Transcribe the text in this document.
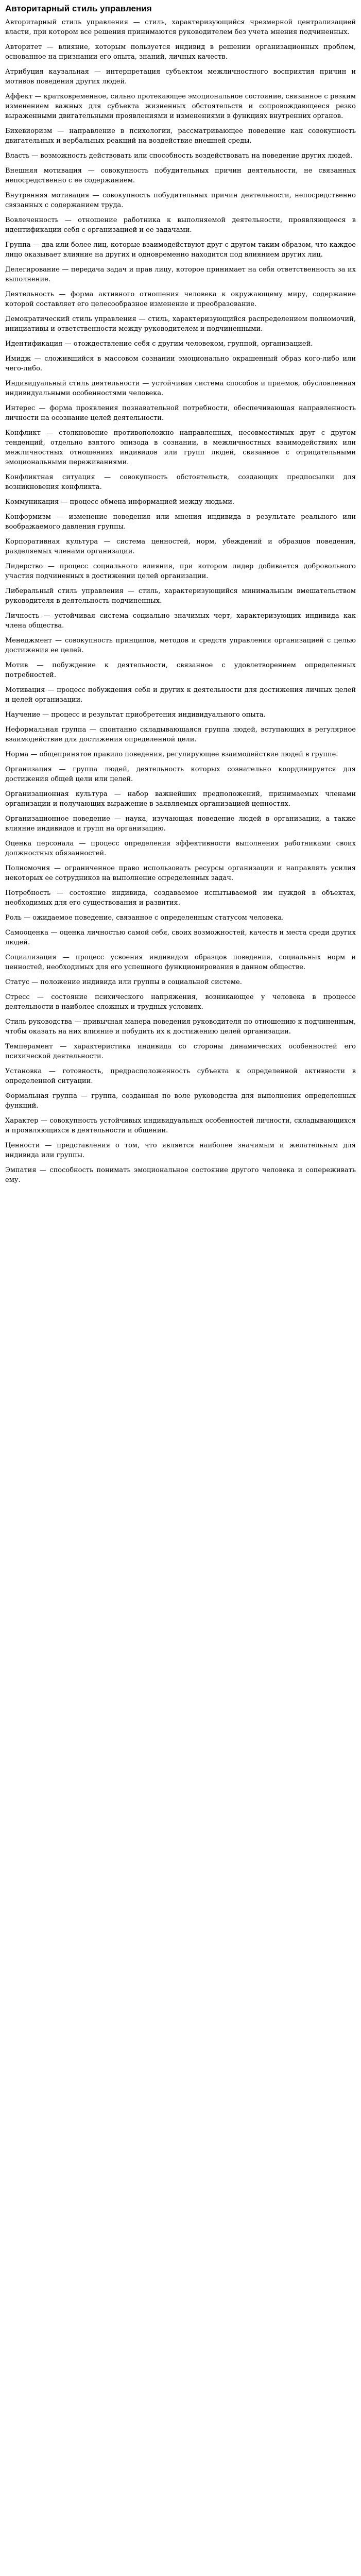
Авторитарный стиль управления

Авторитарный стиль управления — стиль, характеризующийся чрезмерной централизацией власти, при котором все решения принимаются руководителем без учета мнения подчиненных.

Авторитет — влияние, которым пользуется индивид в решении организационных проблем, основанное на признании его опыта, знаний, личных качеств.

Атрибуция каузальная — интерпретация субъектом межличностного восприятия причин и мотивов поведения других людей.

Аффект — кратковременное, сильно протекающее эмоциональное состояние, связанное с резким изменением важных для субъекта жизненных обстоятельств и сопровождающееся резко выраженными двигательными проявлениями и изменениями в функциях внутренних органов.

Бихевиоризм — направление в психологии, рассматривающее поведение как совокупность двигательных и вербальных реакций на воздействие внешней среды.

Власть — возможность действовать или способность воздействовать на поведение других людей.

Внешняя мотивация — совокупность побудительных причин деятельности, не связанных непосредственно с ее содержанием.

Внутренняя мотивация — совокупность побудительных причин деятельности, непосредственно связанных с содержанием труда.

Вовлеченность — отношение работника к выполняемой деятельности, проявляющееся в идентификации себя с организацией и ее задачами.

Группа — два или более лиц, которые взаимодействуют друг с другом таким образом, что каждое лицо оказывает влияние на других и одновременно находится под влиянием других лиц.

Делегирование — передача задач и прав лицу, которое принимает на себя ответственность за их выполнение.

Деятельность — форма активного отношения человека к окружающему миру, содержание которой составляет его целесообразное изменение и преобразование.

Демократический стиль управления — стиль, характеризующийся распределением полномочий, инициативы и ответственности между руководителем и подчиненными.

Идентификация — отождествление себя с другим человеком, группой, организацией.

Имидж — сложившийся в массовом сознании эмоционально окрашенный образ кого-либо или чего-либо.

Индивидуальный стиль деятельности — устойчивая система способов и приемов, обусловленная индивидуальными особенностями человека.

Интерес — форма проявления познавательной потребности, обеспечивающая направленность личности на осознание целей деятельности.

Конфликт — столкновение противоположно направленных, несовместимых друг с другом тенденций, отдельно взятого эпизода в сознании, в межличностных взаимодействиях или межличностных отношениях индивидов или групп людей, связанное с отрицательными эмоциональными переживаниями.

Конфликтная ситуация — совокупность обстоятельств, создающих предпосылки для возникновения конфликта.

Коммуникация — процесс обмена информацией между людьми.

Конформизм — изменение поведения или мнения индивида в результате реального или воображаемого давления группы.

Корпоративная культура — система ценностей, норм, убеждений и образцов поведения, разделяемых членами организации.

Лидерство — процесс социального влияния, при котором лидер добивается добровольного участия подчиненных в достижении целей организации.

Либеральный стиль управления — стиль, характеризующийся минимальным вмешательством руководителя в деятельность подчиненных.

Личность — устойчивая система социально значимых черт, характеризующих индивида как члена общества.

Менеджмент — совокупность принципов, методов и средств управления организацией с целью достижения ее целей.

Мотив — побуждение к деятельности, связанное с удовлетворением определенных потребностей.

Мотивация — процесс побуждения себя и других к деятельности для достижения личных целей и целей организации.

Научение — процесс и результат приобретения индивидуального опыта.

Неформальная группа — спонтанно складывающаяся группа людей, вступающих в регулярное взаимодействие для достижения определенной цели.

Норма — общепринятое правило поведения, регулирующее взаимодействие людей в группе.

Организация — группа людей, деятельность которых сознательно координируется для достижения общей цели или целей.

Организационная культура — набор важнейших предположений, принимаемых членами организации и получающих выражение в заявляемых организацией ценностях.

Организационное поведение — наука, изучающая поведение людей в организации, а также влияние индивидов и групп на организацию.

Оценка персонала — процесс определения эффективности выполнения работниками своих должностных обязанностей.

Полномочия — ограниченное право использовать ресурсы организации и направлять усилия некоторых ее сотрудников на выполнение определенных задач.

Потребность — состояние индивида, создаваемое испытываемой им нуждой в объектах, необходимых для его существования и развития.

Роль — ожидаемое поведение, связанное с определенным статусом человека.

Самооценка — оценка личностью самой себя, своих возможностей, качеств и места среди других людей.

Социализация — процесс усвоения индивидом образцов поведения, социальных норм и ценностей, необходимых для его успешного функционирования в данном обществе.

Статус — положение индивида или группы в социальной системе.

Стресс — состояние психического напряжения, возникающее у человека в процессе деятельности в наиболее сложных и трудных условиях.

Стиль руководства — привычная манера поведения руководителя по отношению к подчиненным, чтобы оказать на них влияние и побудить их к достижению целей организации.

Темперамент — характеристика индивида со стороны динамических особенностей его психической деятельности.

Установка — готовность, предрасположенность субъекта к определенной активности в определенной ситуации.

Формальная группа — группа, созданная по воле руководства для выполнения определенных функций.

Характер — совокупность устойчивых индивидуальных особенностей личности, складывающихся и проявляющихся в деятельности и общении.

Ценности — представления о том, что является наиболее значимым и желательным для индивида или группы.

Эмпатия — способность понимать эмоциональное состояние другого человека и сопереживать ему.
